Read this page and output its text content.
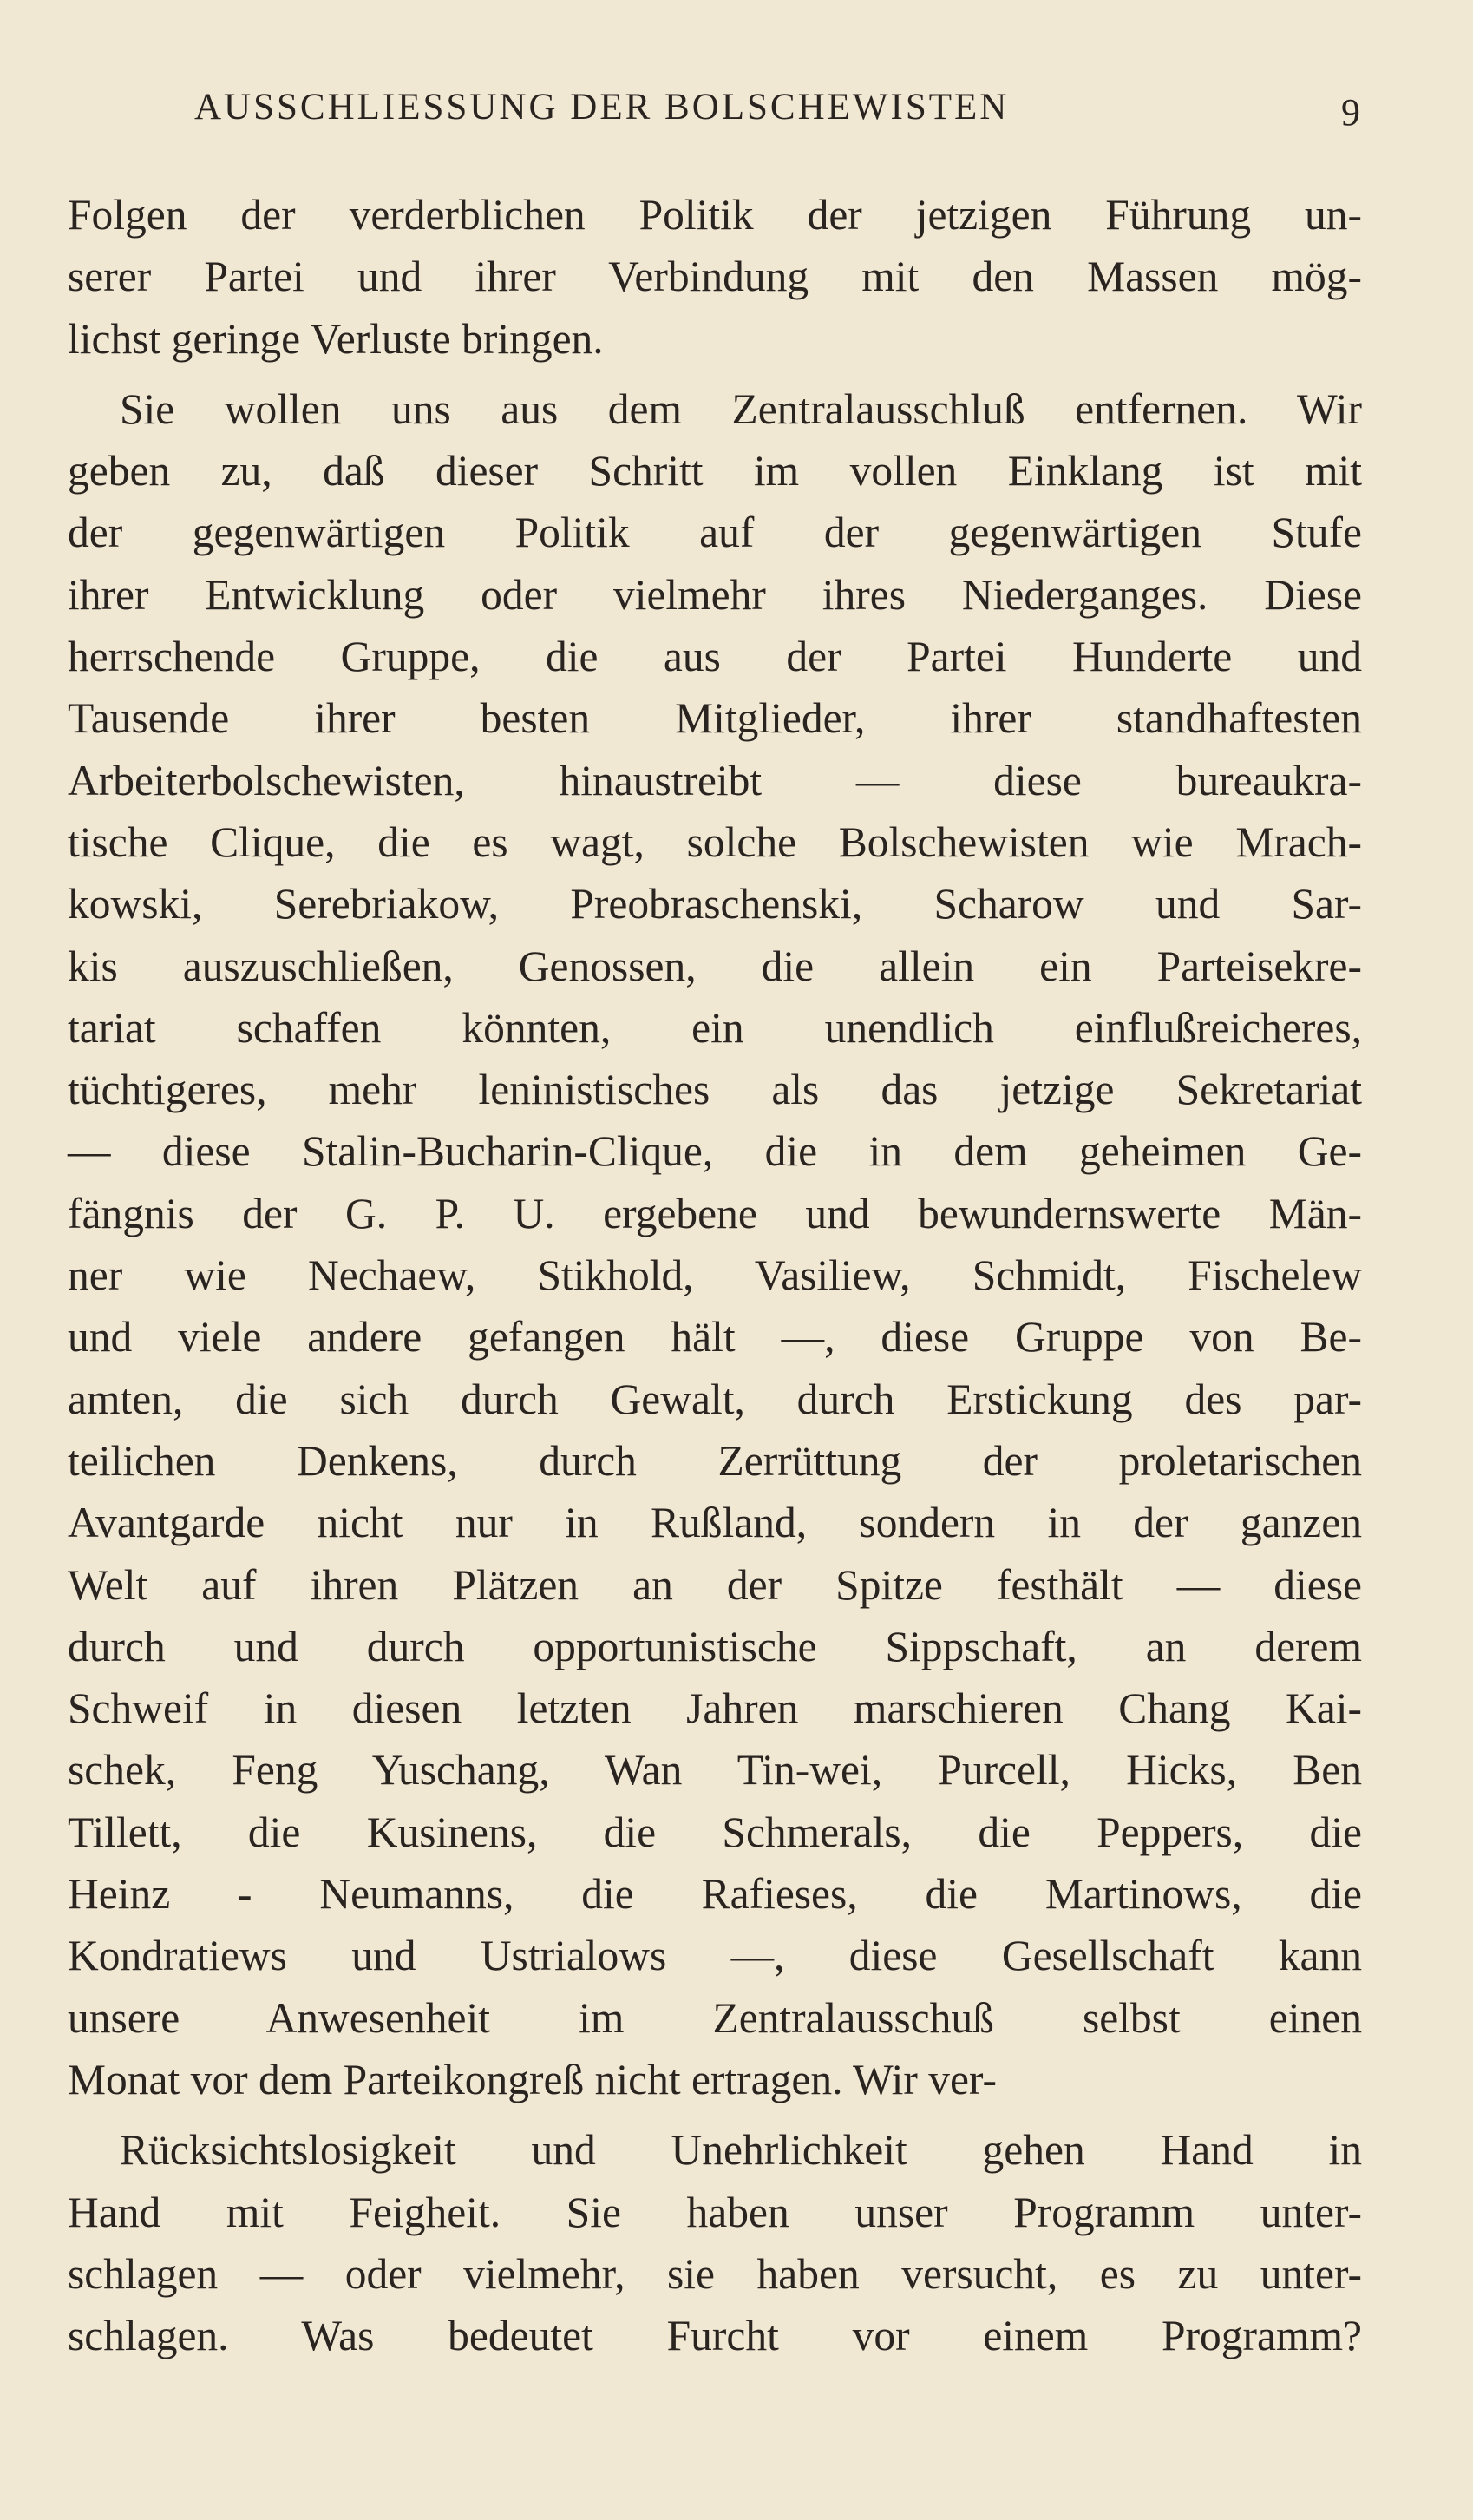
AUSSCHLIESSUNG DER BOLSCHEWISTEN	9
Folgen der verderblichen Politik der jetzigen Führung un-
serer Partei und ihrer Verbindung mit den Massen mög-
lichst geringe Verluste bringen.
Sie wollen uns aus dem Zentralausschluß entfernen. Wir
geben zu, daß dieser Schritt im vollen Einklang ist mit
der gegenwärtigen Politik auf der gegenwärtigen Stufe
ihrer Entwicklung oder vielmehr ihres Niederganges. Diese
herrschende Gruppe, die aus der Partei Hunderte und
Tausende ihrer besten Mitglieder, ihrer standhaftesten
Arbeiterbolschewisten, hinaustreibt — diese bureaukra-
tische Clique, die es wagt, solche Bolschewisten wie Mrach-
kowski, Serebriakow, Preobraschenski, Scharow und Sar-
kis auszuschließen, Genossen, die allein ein Parteisekre-
tariat schaffen könnten, ein unendlich einflußreicheres,
tüchtigeres, mehr leninistisches als das jetzige Sekretariat
— diese Stalin-Bucharin-Clique, die in dem geheimen Ge-
fängnis der G. P. U. ergebene und bewundernswerte Män-
ner wie Nechaew, Stikhold, Vasiliew, Schmidt, Fischelew
und viele andere gefangen hält —, diese Gruppe von Be-
amten, die sich durch Gewalt, durch Erstickung des par-
teilichen Denkens, durch Zerrüttung der proletarischen
Avantgarde nicht nur in Rußland, sondern in der ganzen
Welt auf ihren Plätzen an der Spitze festhält — diese
durch und durch opportunistische Sippschaft, an derem
Schweif in diesen letzten Jahren marschieren Chang Kai-
schek, Feng Yuschang, Wan Tin-wei, Purcell, Hicks, Ben
Tillett, die Kusinens, die Schmerals, die Peppers, die
Heinz - Neumanns, die Rafieses, die Martinows, die
Kondratiews und Ustrialows —, diese Gesellschaft kann
unsere Anwesenheit im Zentralausschuß selbst einen
Monat vor dem Parteikongreß nicht ertragen. Wir ver-
Rücksichtslosigkeit und Unehrlichkeit gehen Hand in
Hand mit Feigheit. Sie haben unser Programm unter-
schlagen — oder vielmehr, sie haben versucht, es zu unter-
schlagen. Was bedeutet Furcht vor einem Programm?
